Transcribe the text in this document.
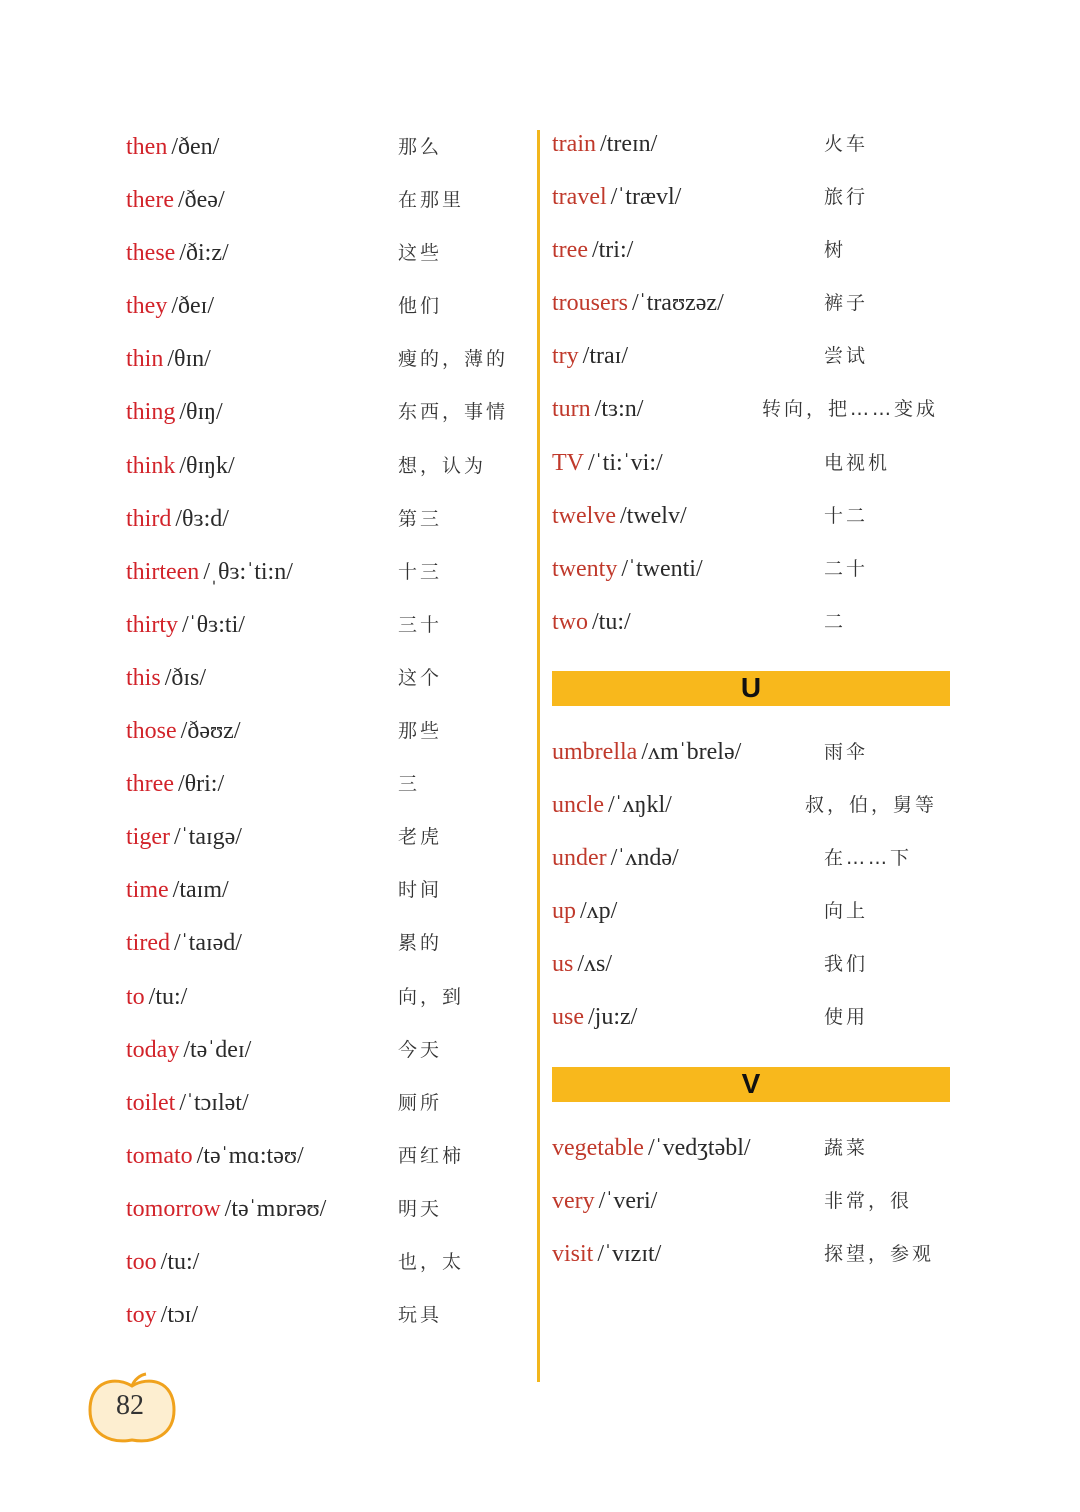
then /ðen/	那么
there /ðeə/	在那里
these /ði:z/	这些
they /ðeɪ/	他们
thin /θɪn/	瘦的，薄的
thing /θɪŋ/	东西，事情
think /θɪŋk/	想，认为
third /θɜ:d/	第三
thirteen /ˌθɜ:ˈti:n/	十三
thirty /ˈθɜ:ti/	三十
this /ðɪs/	这个
those /ðəʊz/	那些
three /θri:/	三
tiger /ˈtaɪgə/	老虎
time /taɪm/	时间
tired /ˈtaɪəd/	累的
to /tu:/	向，到
today /təˈdeɪ/	今天
toilet /ˈtɔɪlət/	厕所
tomato /təˈmɑ:təʊ/	西红柿
tomorrow /təˈmɒrəʊ/	明天
too /tu:/	也，太
toy /tɔɪ/	玩具
train /treɪn/	火车
travel /ˈtrævl/	旅行
tree /tri:/	树
trousers /ˈtraʊzəz/	裤子
try /traɪ/	尝试
turn /tɜ:n/	转向，把……变成
TV /ˈti:ˈvi:/	电视机
twelve /twelv/	十二
twenty /ˈtwenti/	二十
two /tu:/	二
U
umbrella /ʌmˈbrelə/	雨伞
uncle /ˈʌŋkl/	叔，伯，舅等
under /ˈʌndə/	在……下
up /ʌp/	向上
us /ʌs/	我们
use /ju:z/	使用
V
vegetable /ˈvedʒtəbl/	蔬菜
very /ˈveri/	非常，很
visit /ˈvɪzɪt/	探望，参观
82
